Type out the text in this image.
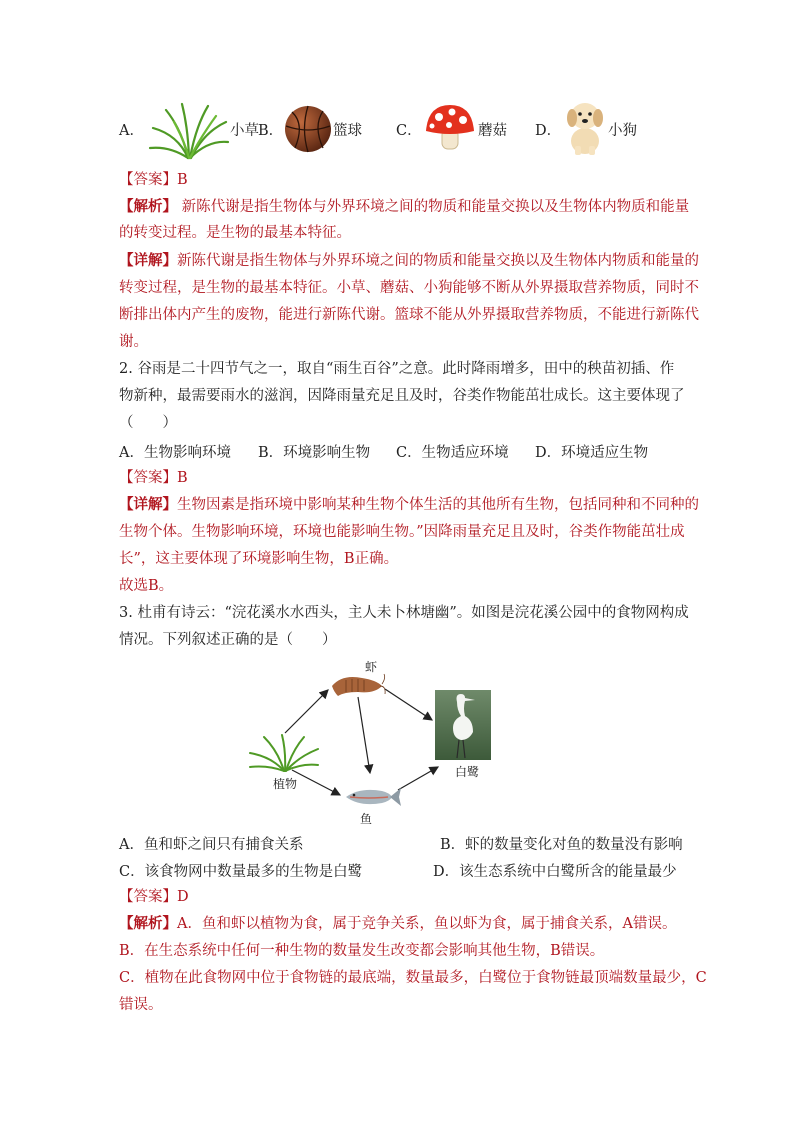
A．	小草 B．	篮球 C．	蘑菇 D．	小狗
【答案】B
【解析】 新陈代谢是指生物体与外界环境之间的物质和能量交换以及生物体内物质和能量
的转变过程。是生物的最基本特征。
【详解】新陈代谢是指生物体与外界环境之间的物质和能量交换以及生物体内物质和能量的
转变过程，是生物的最基本特征。小草、蘑菇、小狗能够不断从外界摄取营养物质，同时不
断排出体内产生的废物，能进行新陈代谢。篮球不能从外界摄取营养物质，不能进行新陈代
谢。
2. 谷雨是二十四节气之一，取自“雨生百谷”之意。此时降雨增多，田中的秧苗初插、作
物新种，最需要雨水的滋润，因降雨量充足且及时，谷类作物能茁壮成长。这主要体现了
（　　）
A．生物影响环境 B．环境影响生物 C．生物适应环境 D．环境适应生物
【答案】B
【详解】生物因素是指环境中影响某种生物个体生活的其他所有生物，包括同种和不同种的
生物个体。生物影响环境，环境也能影响生物。”因降雨量充足且及时，谷类作物能茁壮成
长”，这主要体现了环境影响生物，B正确。
故选B。
3. 杜甫有诗云：“浣花溪水水西头，主人未卜林塘幽”。如图是浣花溪公园中的食物网构成
情况。下列叙述正确的是（　　）
虾
植物
鱼
白鹭
A．鱼和虾之间只有捕食关系	B．虾的数量变化对鱼的数量没有影响
C．该食物网中数量最多的生物是白鹭	D．该生态系统中白鹭所含的能量最少
【答案】D
【解析】A．鱼和虾以植物为食，属于竞争关系，鱼以虾为食，属于捕食关系，A错误。
B．在生态系统中任何一种生物的数量发生改变都会影响其他生物，B错误。
C．植物在此食物网中位于食物链的最底端，数量最多，白鹭位于食物链最顶端数量最少，C
错误。
